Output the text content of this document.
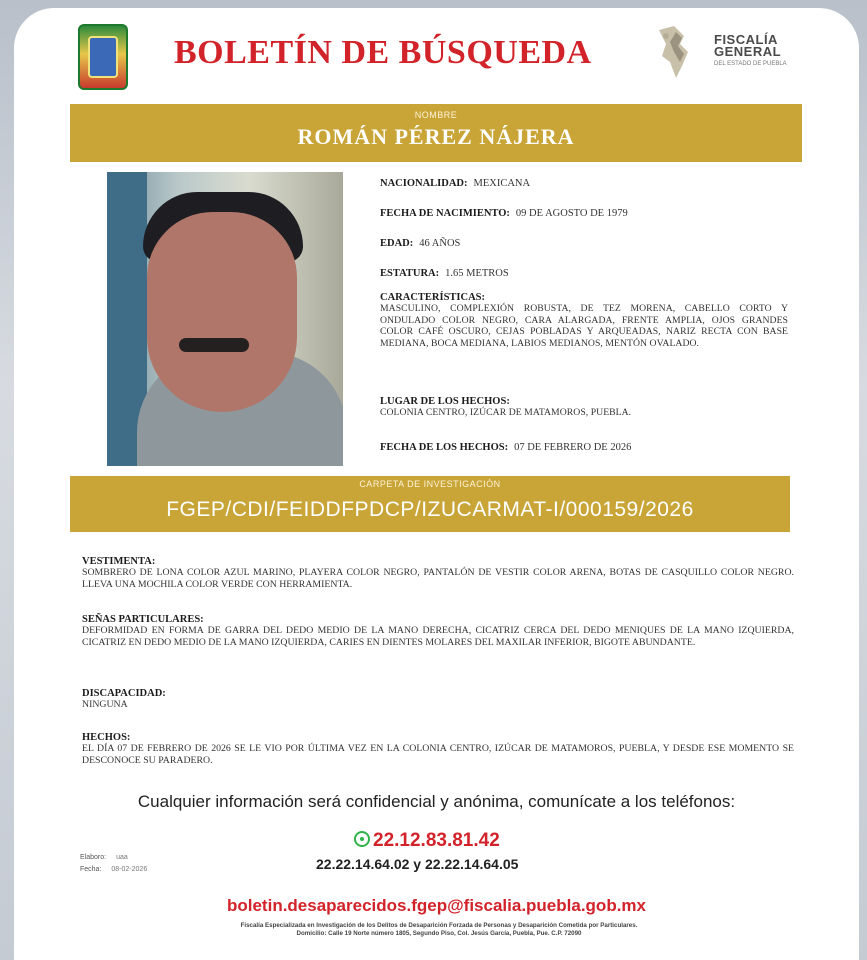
BOLETÍN DE BÚSQUEDA	FISCALÍA
GENERAL
DEL ESTADO DE PUEBLA
NOMBRE
ROMÁN PÉREZ NÁJERA
NACIONALIDAD: MEXICANA
FECHA DE NACIMIENTO: 09 DE AGOSTO DE 1979
EDAD: 46 AÑOS
ESTATURA: 1.65 METROS
CARACTERÍSTICAS:
MASCULINO, COMPLEXIÓN ROBUSTA, DE TEZ MORENA, CABELLO CORTO Y ONDULADO COLOR NEGRO, CARA ALARGADA, FRENTE AMPLIA, OJOS GRANDES COLOR CAFÉ OSCURO, CEJAS POBLADAS Y ARQUEADAS, NARIZ RECTA CON BASE MEDIANA, BOCA MEDIANA, LABIOS MEDIANOS, MENTÓN OVALADO.
LUGAR DE LOS HECHOS:
COLONIA CENTRO, IZÚCAR DE MATAMOROS, PUEBLA.
FECHA DE LOS HECHOS: 07 DE FEBRERO DE 2026
CARPETA DE INVESTIGACIÓN
FGEP/CDI/FEIDDFPDCP/IZUCARMAT-I/000159/2026
VESTIMENTA:
SOMBRERO DE LONA COLOR AZUL MARINO, PLAYERA COLOR NEGRO, PANTALÓN DE VESTIR COLOR ARENA, BOTAS DE CASQUILLO COLOR NEGRO. LLEVA UNA MOCHILA COLOR VERDE CON HERRAMIENTA.
SEÑAS PARTICULARES:
DEFORMIDAD EN FORMA DE GARRA DEL DEDO MEDIO DE LA MANO DERECHA, CICATRIZ CERCA DEL DEDO MENIQUES DE LA MANO IZQUIERDA, CICATRIZ EN DEDO MEDIO DE LA MANO IZQUIERDA, CARIES EN DIENTES MOLARES DEL MAXILAR INFERIOR, BIGOTE ABUNDANTE.
DISCAPACIDAD:
NINGUNA
HECHOS:
EL DÍA 07 DE FEBRERO DE 2026 SE LE VIO POR ÚLTIMA VEZ EN LA COLONIA CENTRO, IZÚCAR DE MATAMOROS, PUEBLA, Y DESDE ESE MOMENTO SE DESCONOCE SU PARADERO.
Cualquier información será confidencial y anónima, comunícate a los teléfonos:
22.12.83.81.42
22.22.14.64.02 y 22.22.14.64.05
Elaboro: uaa
Fecha: 08-02-2026
boletin.desaparecidos.fgep@fiscalia.puebla.gob.mx
Fiscalía Especializada en Investigación de los Delitos de Desaparición Forzada de Personas y Desaparición Cometida por Particulares.
Domicilio: Calle 19 Norte número 1805, Segundo Piso, Col. Jesús García, Puebla, Pue. C.P. 72090
